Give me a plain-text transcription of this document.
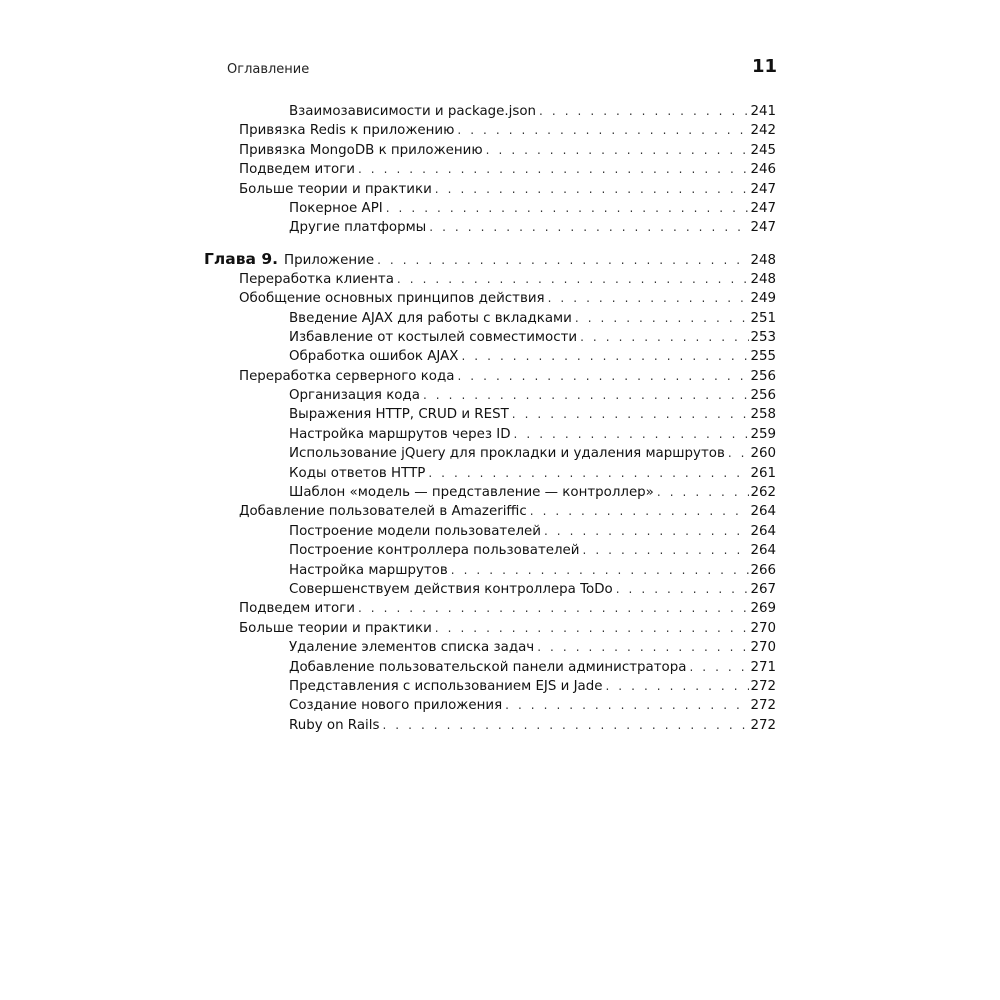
Оглавление	11
Взаимозависимости и package.json . . .	241
Привязка Redis к приложению . . .	242
Привязка MongoDB к приложению . . .	245
Подведем итоги . . .	246
Больше теории и практики . . .	247
Покерное API . . .	247
Другие платформы . . .	247
Глава 9. Приложение . . .	248
Переработка клиента . . .	248
Обобщение основных принципов действия . . .	249
Введение AJAX для работы с вкладками . . .	251
Избавление от костылей совместимости . . .	253
Обработка ошибок AJAX . . .	255
Переработка серверного кода . . .	256
Организация кода . . .	256
Выражения HTTP, CRUD и REST . . .	258
Настройка маршрутов через ID . . .	259
Использование jQuery для прокладки и удаления маршрутов . . . 260
Коды ответов HTTP . . .	261
Шаблон «модель — представление — контроллер» . . .	262
Добавление пользователей в Amazeriffic . . .	264
Построение модели пользователей . . .	264
Построение контроллера пользователей . . .	264
Настройка маршрутов . . .	266
Совершенствуем действия контроллера ToDo . . .	267
Подведем итоги . . .	269
Больше теории и практики . . .	270
Удаление элементов списка задач . . .	270
Добавление пользовательской панели администратора . . .	271
Представления с использованием EJS и Jade . . .	272
Создание нового приложения . . .	272
Ruby on Rails . . .	272
